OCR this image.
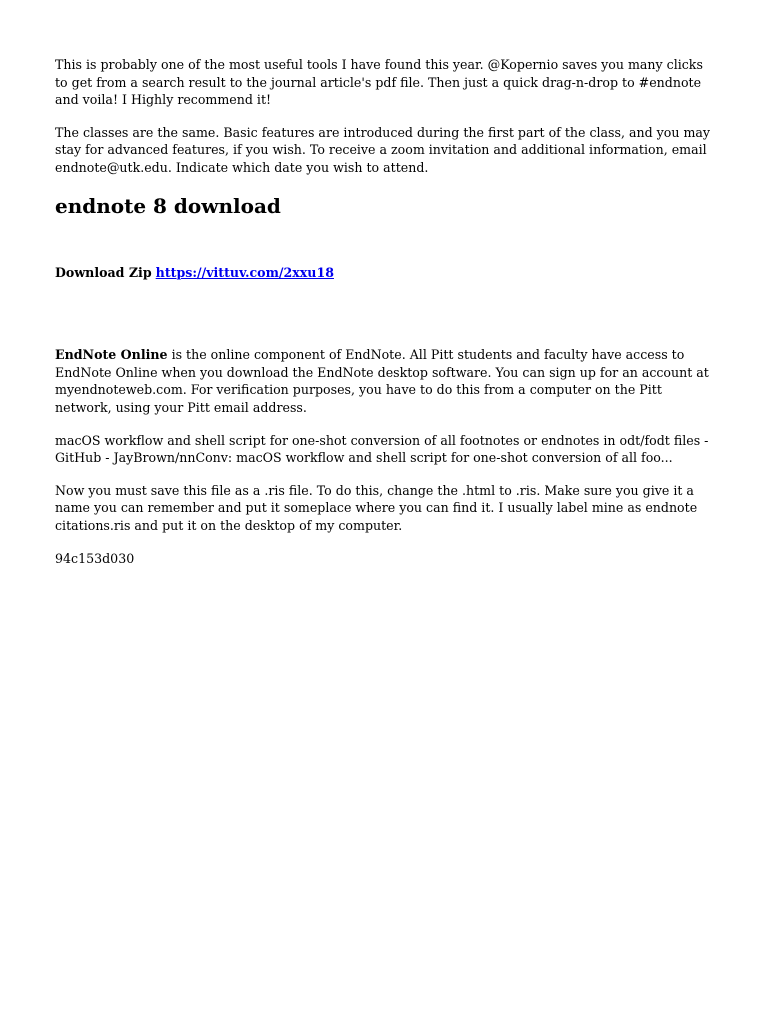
This is probably one of the most useful tools I have found this year. @Kopernio saves you many clicks to get from a search result to the journal article's pdf file. Then just a quick drag-n-drop to #endnote and voila! I Highly recommend it!

The classes are the same. Basic features are introduced during the first part of the class, and you may stay for advanced features, if you wish. To receive a zoom invitation and additional information, email endnote@utk.edu. Indicate which date you wish to attend.

endnote 8 download
Download Zip https://vittuv.com/2xxu18

EndNote Online is the online component of EndNote. All Pitt students and faculty have access to EndNote Online when you download the EndNote desktop software. You can sign up for an account at myendnoteweb.com. For verification purposes, you have to do this from a computer on the Pitt network, using your Pitt email address.

macOS workflow and shell script for one-shot conversion of all footnotes or endnotes in odt/fodt files - GitHub - JayBrown/nnConv: macOS workflow and shell script for one-shot conversion of all foo...

Now you must save this file as a .ris file. To do this, change the .html to .ris. Make sure you give it a name you can remember and put it someplace where you can find it. I usually label mine as endnote citations.ris and put it on the desktop of my computer.

94c153d030
